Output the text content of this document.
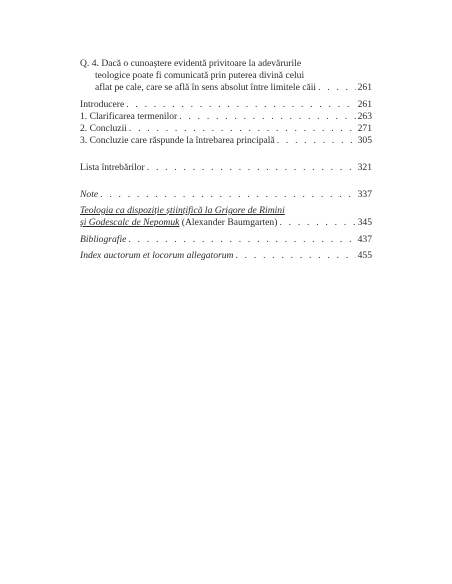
Q. 4. Dacă o cunoaștere evidentă privitoare la adevărurile
teologice poate fi comunicată prin puterea divină celui
aflat pe cale, care se află în sens absolut între limitele căii . . .	261
Introducere . . .	261
1. Clarificarea termenilor . . .	263
2. Concluzii . . .	271
3. Concluzie care răspunde la întrebarea principală . . .	305
Lista întrebărilor . . .	321
Note . . .	337
Teologia ca dispoziție științifică la Grigore de Rimini
și Godescalc de Nepomuk (Alexander Baumgarten) . . .	345
Bibliografie . . .	437
Index auctorum et locorum allegatorum . . .	455
